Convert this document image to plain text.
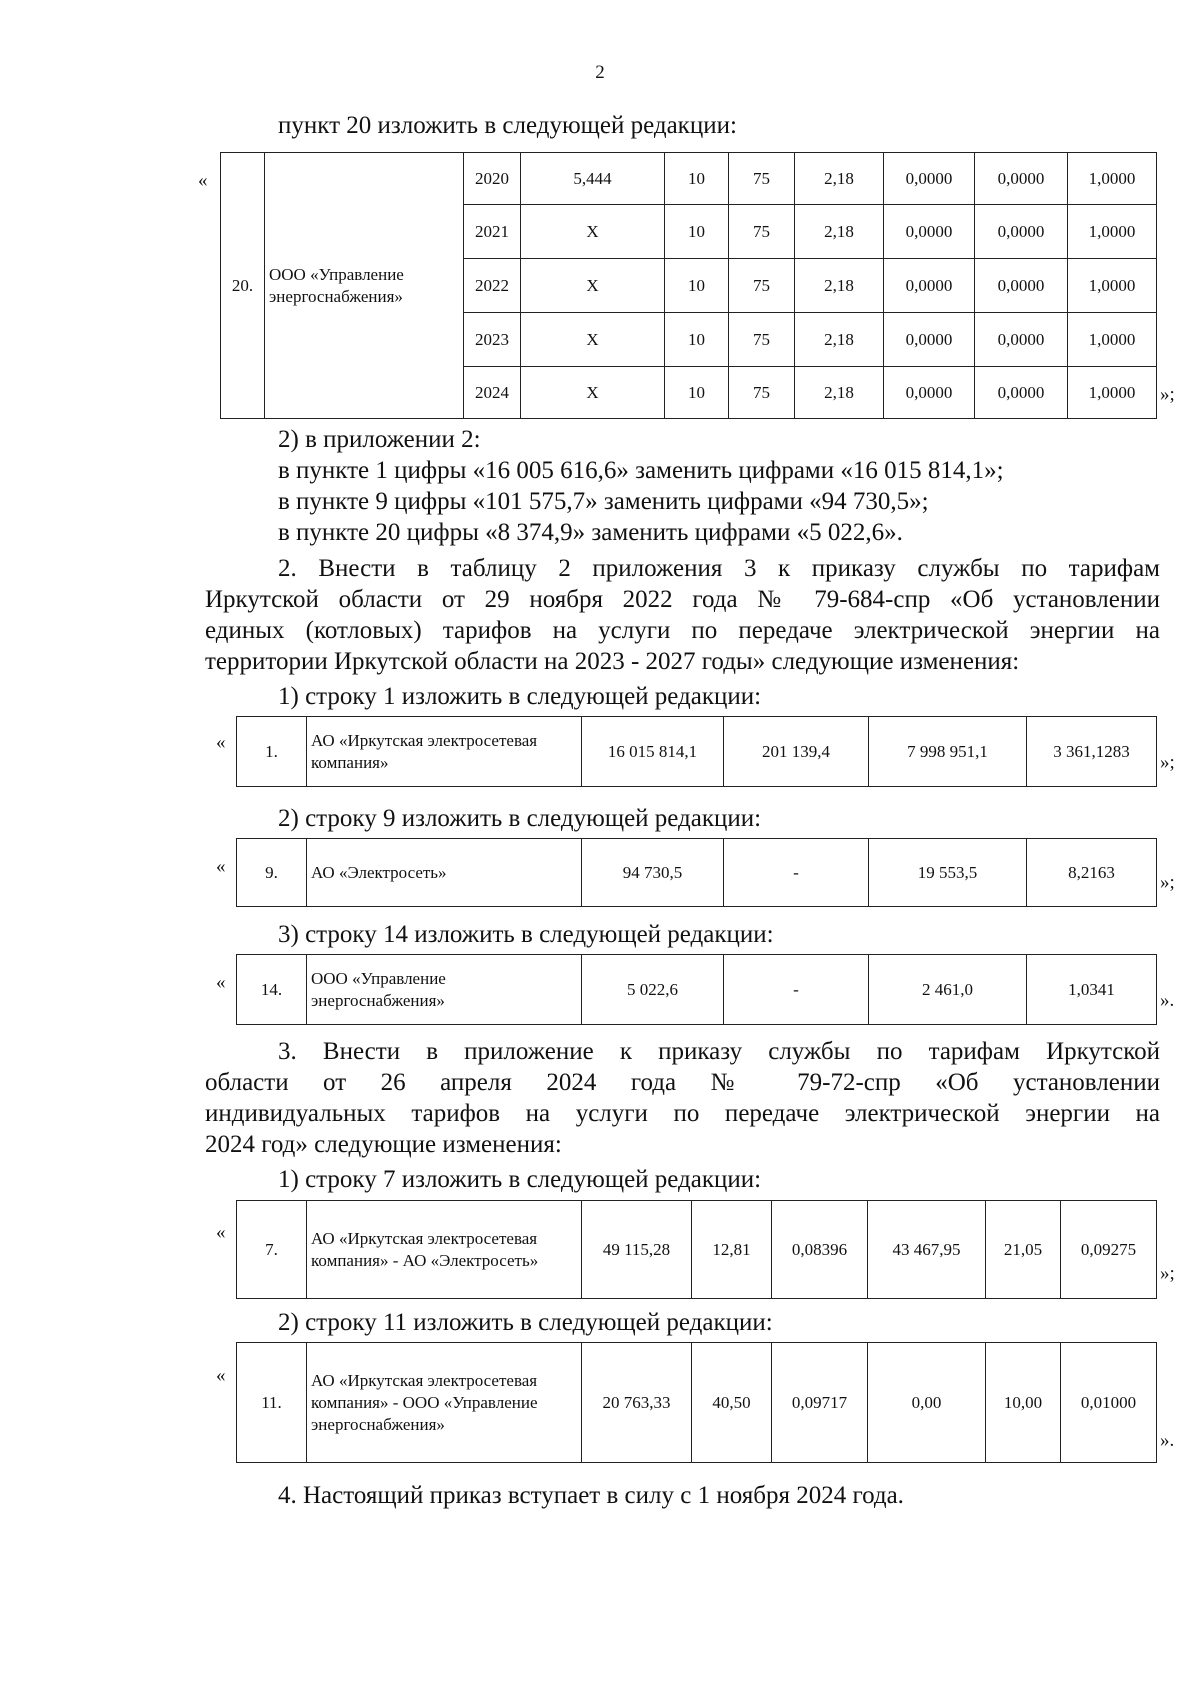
2
пункт 20 изложить в следующей редакции:
«
20.	ООО «Управление энергоснабжения»	2020	5,444	10	75	2,18	0,0000	0,0000	1,0000
		2021	X	10	75	2,18	0,0000	0,0000	1,0000
		2022	X	10	75	2,18	0,0000	0,0000	1,0000
		2023	X	10	75	2,18	0,0000	0,0000	1,0000
		2024	X	10	75	2,18	0,0000	0,0000	1,0000 »;
2) в приложении 2:
в пункте 1 цифры «16 005 616,6» заменить цифрами «16 015 814,1»;
в пункте 9 цифры «101 575,7» заменить цифрами «94 730,5»;
в пункте 20 цифры «8 374,9» заменить цифрами «5 022,6».
2. Внести в таблицу 2 приложения 3 к приказу службы по тарифам
Иркутской области от 29 ноября 2022 года № 79-684-спр «Об установлении
единых (котловых) тарифов на услуги по передаче электрической энергии на
территории Иркутской области на 2023 - 2027 годы» следующие изменения:
1) строку 1 изложить в следующей редакции:
« 1.	АО «Иркутская электросетевая компания»	16 015 814,1	201 139,4	7 998 951,1	3 361,1283
»;
2) строку 9 изложить в следующей редакции:
« 9.	АО «Электросеть»	94 730,5	-	19 553,5	8,2163 »;
3) строку 14 изложить в следующей редакции:
« 14.	ООО «Управление энергоснабжения»	5 022,6	-	2 461,0	1,0341
».
3. Внести в приложение к приказу службы по тарифам Иркутской
области от 26 апреля 2024 года № 79-72-спр «Об установлении
индивидуальных тарифов на услуги по передаче электрической энергии на
2024 год» следующие изменения:
1) строку 7 изложить в следующей редакции:
«
7.	АО «Иркутская электросетевая компания» - АО «Электросеть»	49 115,28	12,81	0,08396	43 467,95	21,05	0,09275
»;
2) строку 11 изложить в следующей редакции:
«
11.	АО «Иркутская электросетевая компания» - ООО «Управление энергоснабжения»	20 763,33	40,50	0,09717	0,00	10,00	0,01000
».
4. Настоящий приказ вступает в силу с 1 ноября 2024 года.
